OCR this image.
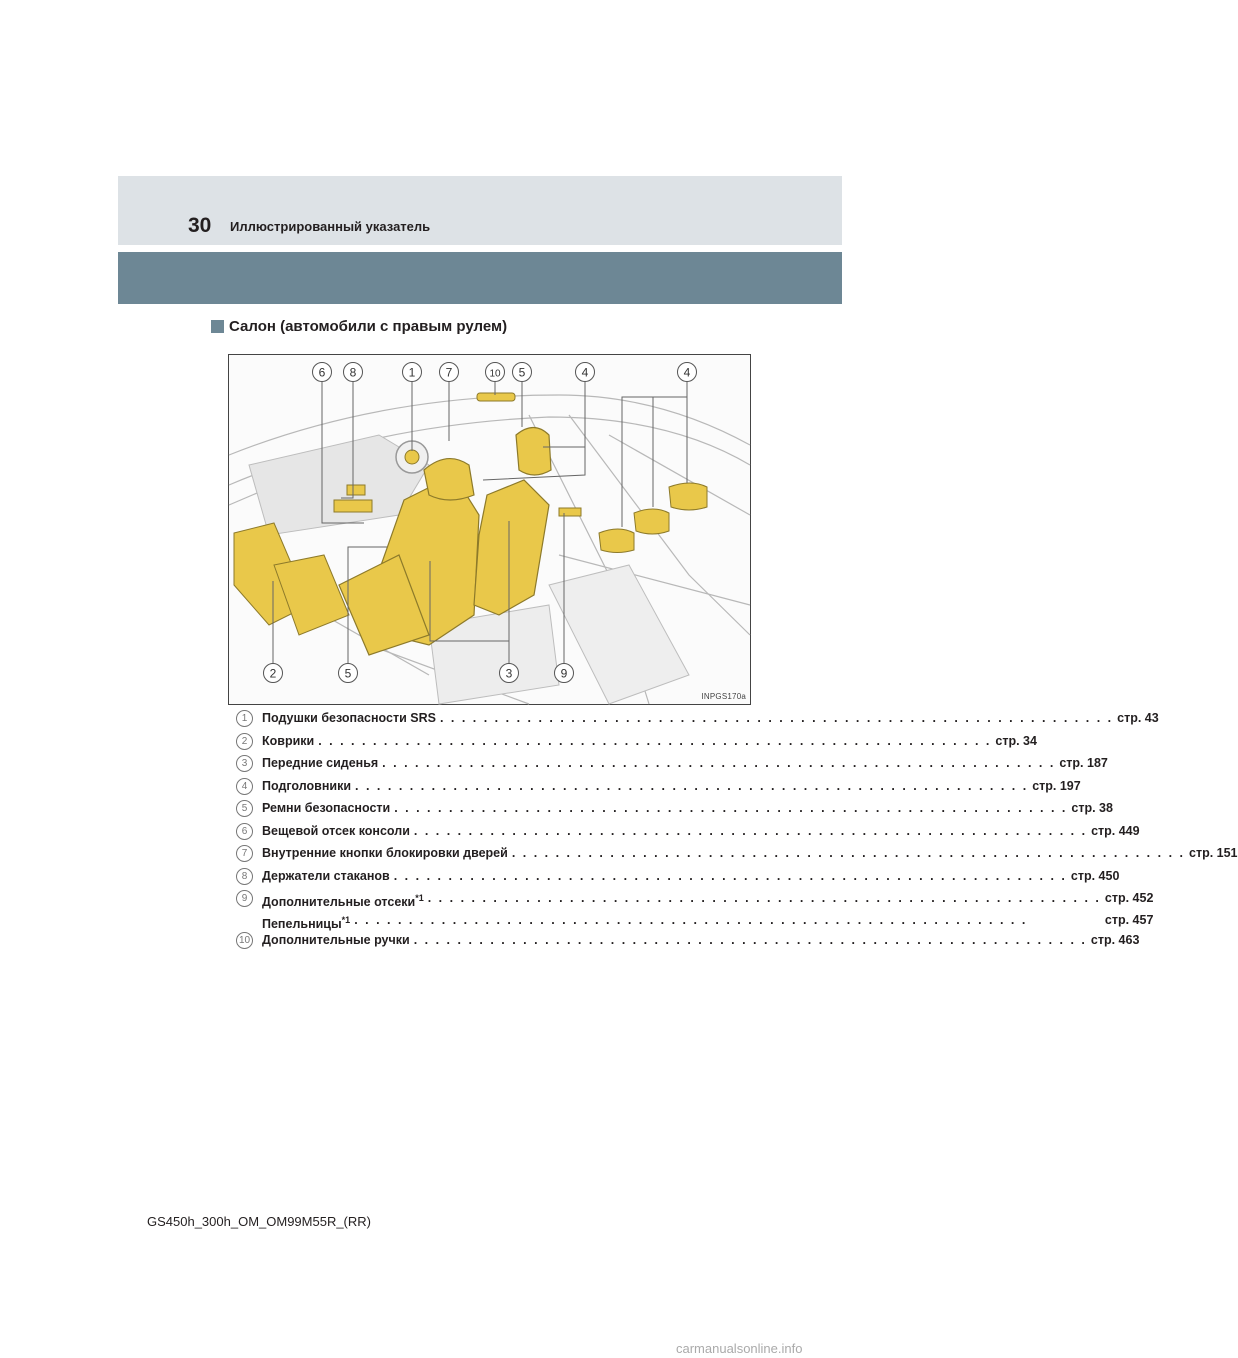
30 Иллюстрированный указатель
Салон (автомобили с правым рулем)
6 8	1	7	10 5	4	4
2	5	3	9
INPGS170a
1	Подушки безопасности SRS . . .	стр. 43
2	Коврики . . .	стр. 34
3	Передние сиденья . . .	стр. 187
4	Подголовники . . .	стр. 197
5	Ремни безопасности . . .	стр. 38
6	Вещевой отсек консоли . . .	стр. 449
7	Внутренние кнопки блокировки дверей . . .	стр. 151
8	Держатели стаканов . . .	стр. 450
9	Дополнительные отсеки$^{*1}$ . . .	стр. 452
Пепельницы$^{*1}$ . . .	стр. 457
10 Дополнительные ручки . . .	стр. 463
GS450h_300h_OM_OM99M55R_(RR)
carmanualsonline.info
